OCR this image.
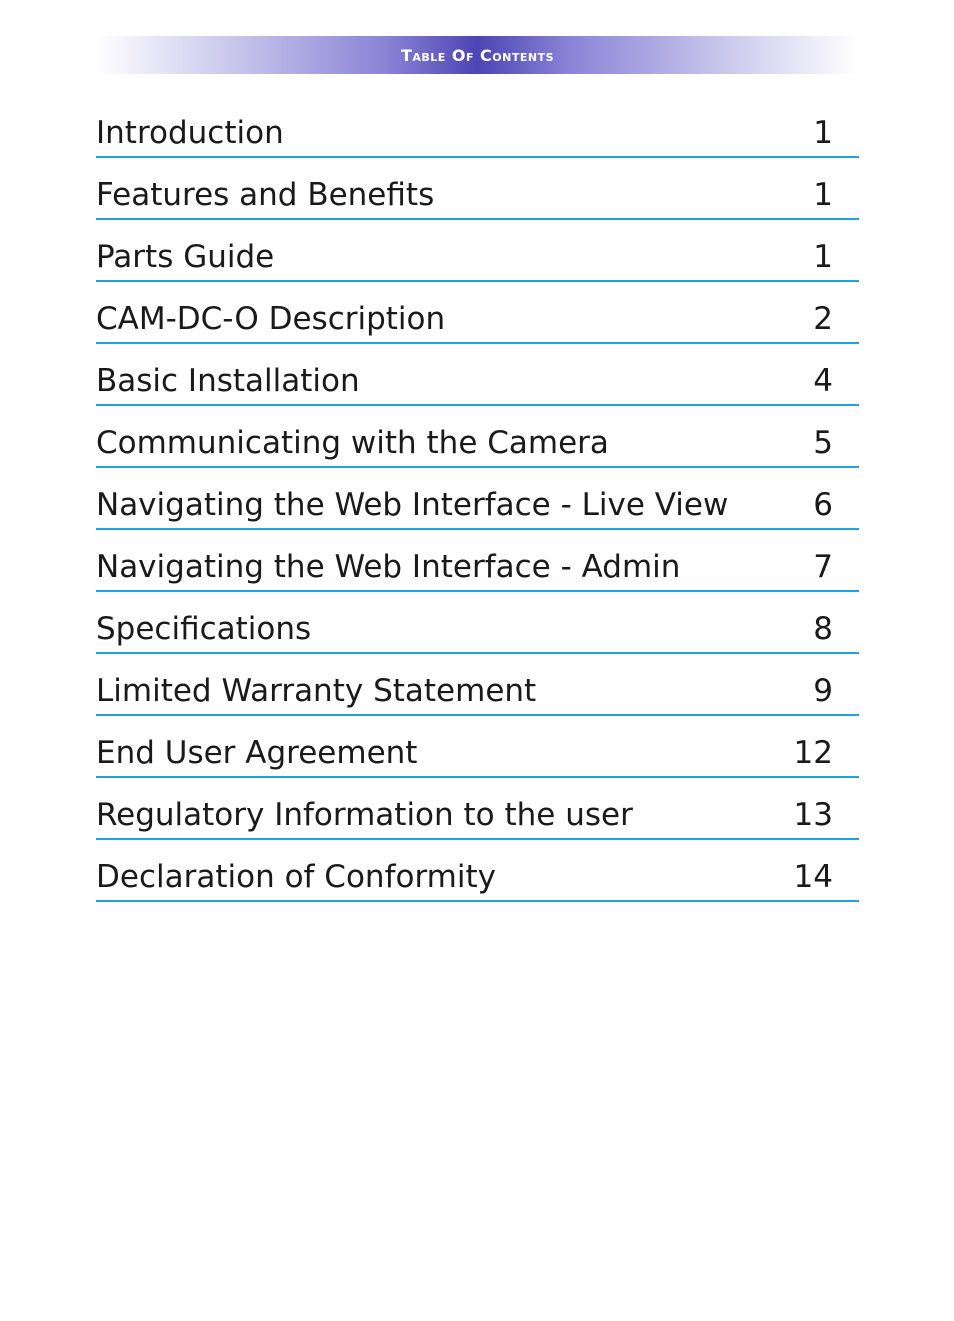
Table Of Contents
Introduction	1
Features and Benefits	1
Parts Guide	1
CAM-DC-O Description	2
Basic Installation	4
Communicating with the Camera	5
Navigating the Web Interface - Live View	6
Navigating the Web Interface - Admin	7
Specifications	8
Limited Warranty Statement	9
End User Agreement	12
Regulatory Information to the user	13
Declaration of Conformity	14
